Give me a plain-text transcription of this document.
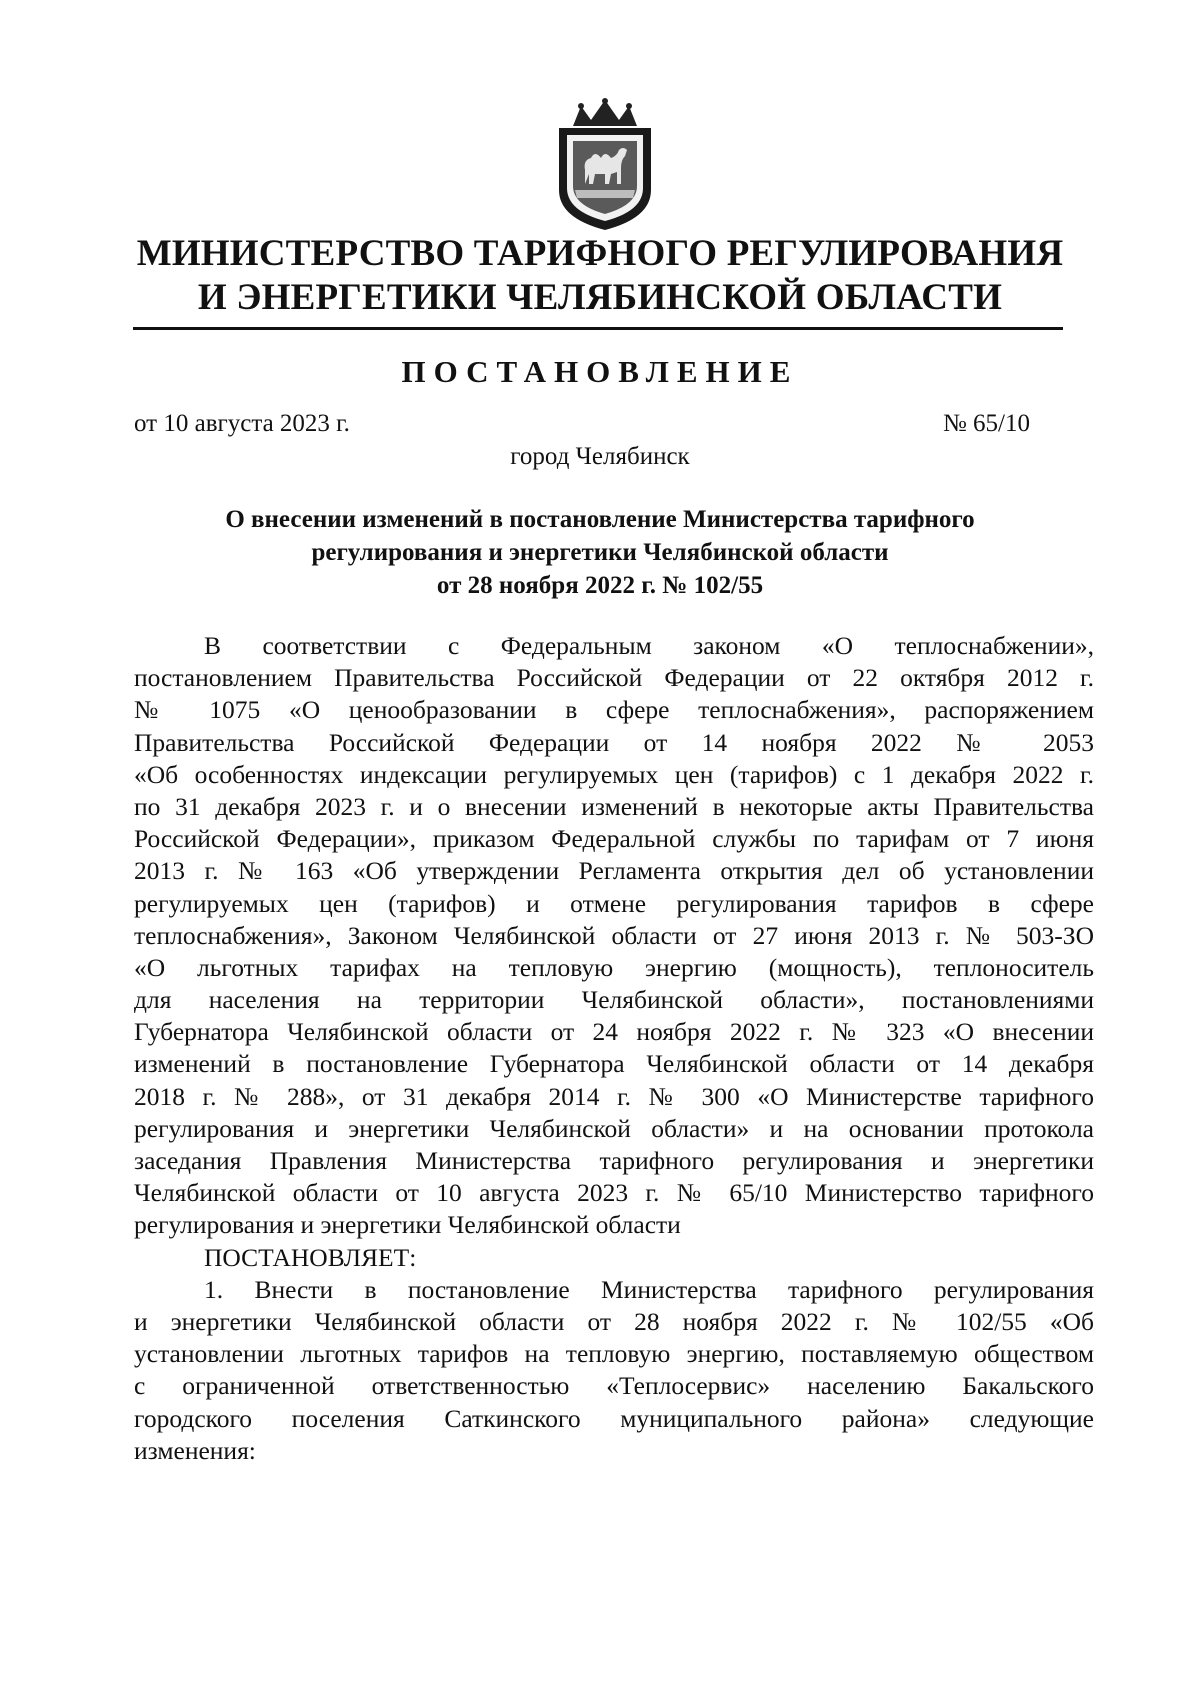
МИНИСТЕРСТВО ТАРИФНОГО РЕГУЛИРОВАНИЯ
И ЭНЕРГЕТИКИ ЧЕЛЯБИНСКОЙ ОБЛАСТИ
ПОСТАНОВЛЕНИЕ
от 10 августа 2023 г.	№ 65/10
город Челябинск
О внесении изменений в постановление Министерства тарифного
регулирования и энергетики Челябинской области
от 28 ноября 2022 г. № 102/55
В соответствии с Федеральным законом «О теплоснабжении»,
постановлением Правительства Российской Федерации от 22 октября 2012 г.
№ 1075 «О ценообразовании в сфере теплоснабжения», распоряжением
Правительства Российской Федерации от 14 ноября 2022 № 2053
«Об особенностях индексации регулируемых цен (тарифов) с 1 декабря 2022 г.
по 31 декабря 2023 г. и о внесении изменений в некоторые акты Правительства
Российской Федерации», приказом Федеральной службы по тарифам от 7 июня
2013 г. № 163 «Об утверждении Регламента открытия дел об установлении
регулируемых цен (тарифов) и отмене регулирования тарифов в сфере
теплоснабжения», Законом Челябинской области от 27 июня 2013 г. № 503-ЗО
«О льготных тарифах на тепловую энергию (мощность), теплоноситель
для населения на территории Челябинской области», постановлениями
Губернатора Челябинской области от 24 ноября 2022 г. № 323 «О внесении
изменений в постановление Губернатора Челябинской области от 14 декабря
2018 г. № 288», от 31 декабря 2014 г. № 300 «О Министерстве тарифного
регулирования и энергетики Челябинской области» и на основании протокола
заседания Правления Министерства тарифного регулирования и энергетики
Челябинской области от 10 августа 2023 г. № 65/10 Министерство тарифного
регулирования и энергетики Челябинской области
ПОСТАНОВЛЯЕТ:
1. Внести в постановление Министерства тарифного регулирования
и энергетики Челябинской области от 28 ноября 2022 г. № 102/55 «Об
установлении льготных тарифов на тепловую энергию, поставляемую обществом
с ограниченной ответственностью «Теплосервис» населению Бакальского
городского поселения Саткинского муниципального района» следующие
изменения:
